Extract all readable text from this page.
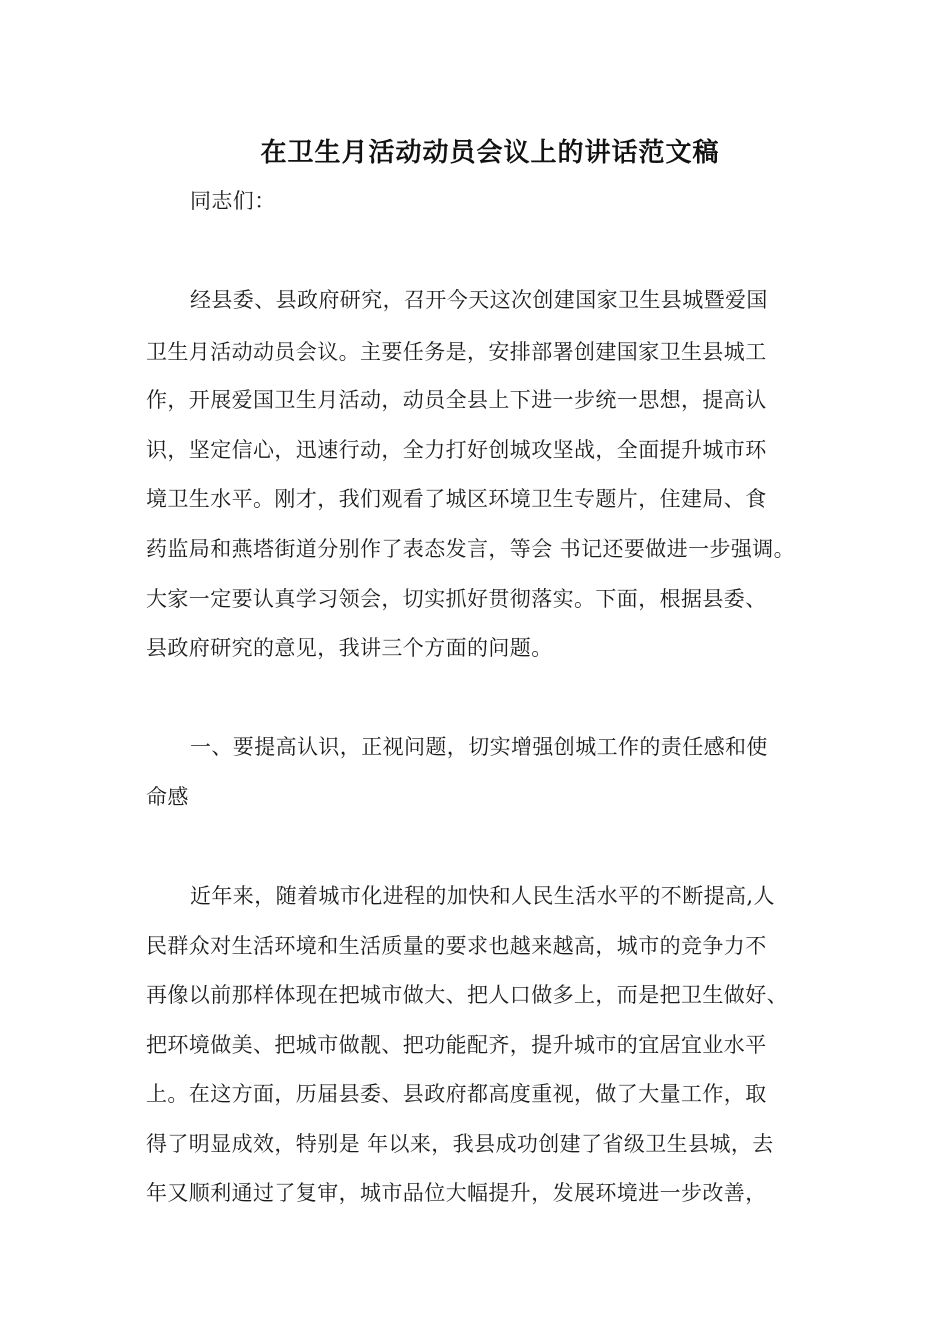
在卫生月活动动员会议上的讲话范文稿
同志们：
经县委、县政府研究，召开今天这次创建国家卫生县城暨爱国
卫生月活动动员会议。主要任务是，安排部署创建国家卫生县城工
作，开展爱国卫生月活动，动员全县上下进一步统一思想，提高认
识，坚定信心，迅速行动，全力打好创城攻坚战，全面提升城市环
境卫生水平。刚才，我们观看了城区环境卫生专题片，住建局、食
药监局和燕塔街道分别作了表态发言，等会 书记还要做进一步强调。
大家一定要认真学习领会，切实抓好贯彻落实。下面，根据县委、
县政府研究的意见，我讲三个方面的问题。
一、要提高认识，正视问题，切实增强创城工作的责任感和使
命感
近年来，随着城市化进程的加快和人民生活水平的不断提高,人
民群众对生活环境和生活质量的要求也越来越高，城市的竞争力不
再像以前那样体现在把城市做大、把人口做多上，而是把卫生做好、
把环境做美、把城市做靓、把功能配齐，提升城市的宜居宜业水平
上。在这方面，历届县委、县政府都高度重视，做了大量工作，取
得了明显成效，特别是 年以来，我县成功创建了省级卫生县城，去
年又顺利通过了复审，城市品位大幅提升，发展环境进一步改善，
